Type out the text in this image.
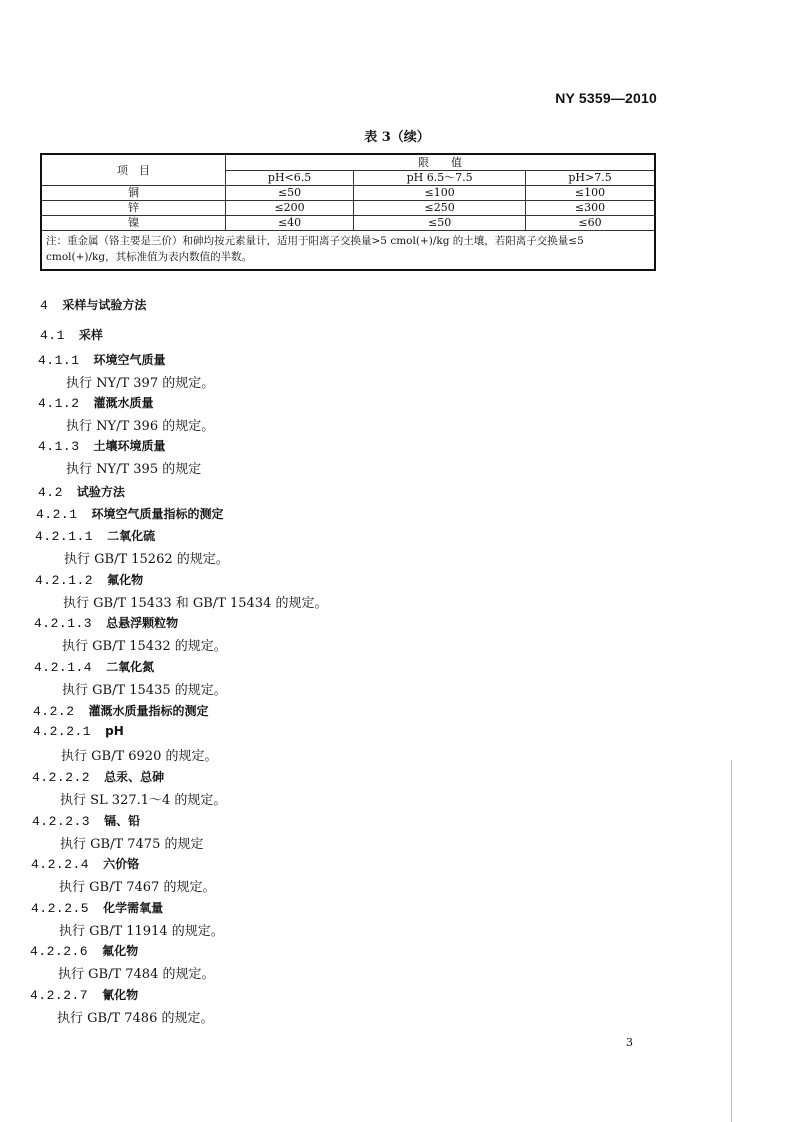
NY 5359—2010
表 3（续）
项　目	限　　值		
	pH<6.5	pH 6.5～7.5	pH>7.5
铜	≤50	≤100	≤100
锌	≤200	≤250	≤300
镍	≤40	≤50	≤60
注：重金属（铬主要是三价）和砷均按元素量计，适用于阳离子交换量>5 cmol(+)/kg 的土壤，若阳离子交换量≤5 cmol(+)/kg，其标准值为表内数值的半数。			
4 采样与试验方法
4.1 采样
4.1.1 环境空气质量
执行 NY/T 397 的规定。
4.1.2 灌溉水质量
执行 NY/T 396 的规定。
4.1.3 土壤环境质量
执行 NY/T 395 的规定
4.2 试验方法
4.2.1 环境空气质量指标的测定
4.2.1.1 二氧化硫
执行 GB/T 15262 的规定。
4.2.1.2 氟化物
执行 GB/T 15433 和 GB/T 15434 的规定。
4.2.1.3 总悬浮颗粒物
执行 GB/T 15432 的规定。
4.2.1.4 二氧化氮
执行 GB/T 15435 的规定。
4.2.2 灌溉水质量指标的测定
4.2.2.1 pH
执行 GB/T 6920 的规定。
4.2.2.2 总汞、总砷
执行 SL 327.1～4 的规定。
4.2.2.3 镉、铅
执行 GB/T 7475 的规定
4.2.2.4 六价铬
执行 GB/T 7467 的规定。
4.2.2.5 化学需氧量
执行 GB/T 11914 的规定。
4.2.2.6 氟化物
执行 GB/T 7484 的规定。
4.2.2.7 氰化物
执行 GB/T 7486 的规定。
3
